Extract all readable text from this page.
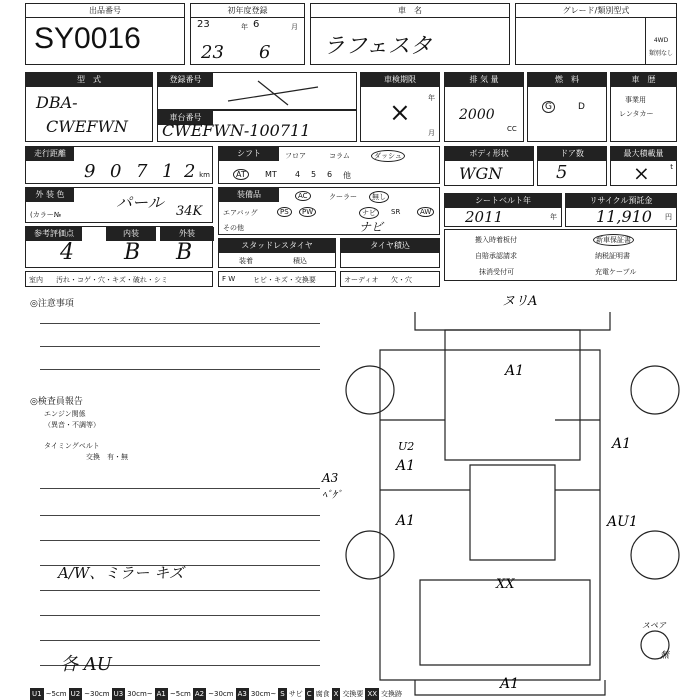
出品番号
SY0016
初年度登録
23	年 6	月
23 6
車　名
ラフェスタ
グレード/類別型式
4WD
類別なし
型　式
DBA-
CWEFWN
登録番号
車台番号
CWEFWN-100711
車検期限
年
月
×
排 気 量
2000
CC
燃　料
G	D
車　歴
事業用
レンタカー
走行距離
9 0 7 1 2 km
シフト	フロア	コラム	ダッシュ
AT	MT 4 5 6 他
外 装 色	パール
(カラー№	34K
装備品	AC	クーラー	無し
エアバッグ	PS	PW	ナビ	SR	AW
その他	ナビ
ボディ形状
WGN
ドア数
5
最大積載量
×	t
シートベルト年
2011	年
リサイクル預託金
11,910 円
参考評価点	内装	外装
4 B B	スタッドレスタイヤ
装着	積込
タイヤ積込
搬入時着板付	新車保証書
自賠承認請求	納税証明書
抹消受付可	充電ケーブル
室内 汚れ・コゲ・穴・キズ・破れ・シミ	F W	ヒビ・キズ・交換要	オーディオ 欠・穴
◎注意事項
◎検査員報告
エンジン関係
（異音・不調等）
タイミングベルト
交換　有・無
A/W、ミラー キズ
各 AU
ヌリA
A1
U2
A1
A1
A3
ﾍﾟｹﾞ
A1
AU1
XX
A1
スペア
無
U1 ~5cm U2 ~30cm U3 30cm~ A1 ~5cm A2 ~30cm A3 30cm~ S サビ C 腐食 X 交換要 XX 交換跡
